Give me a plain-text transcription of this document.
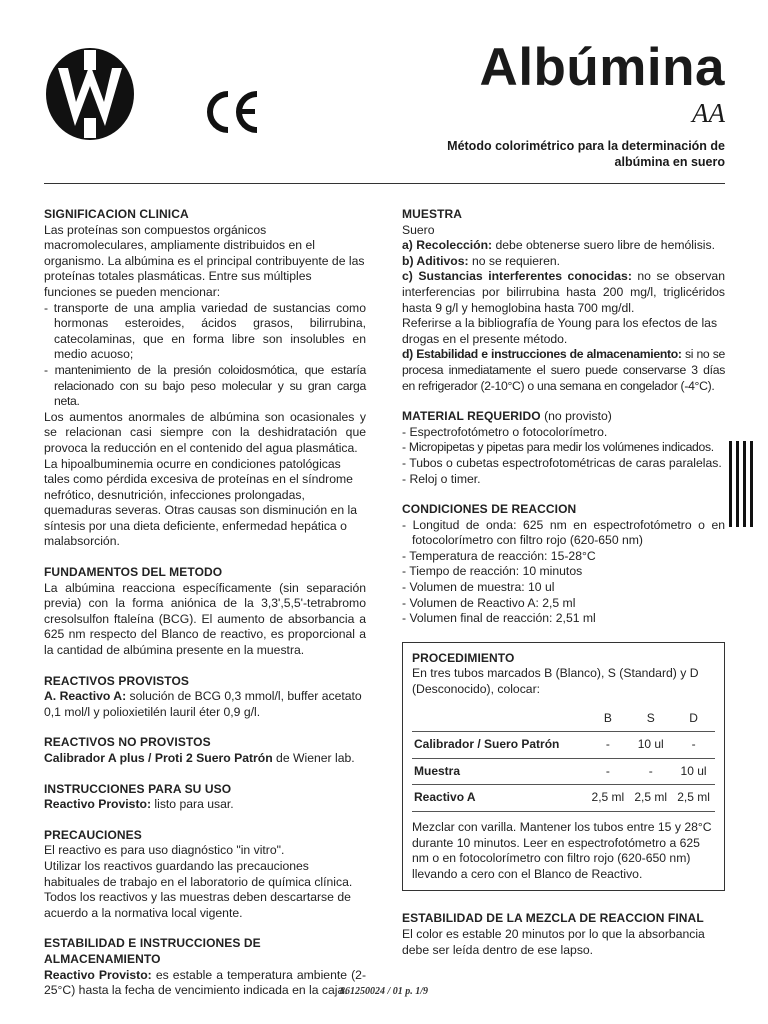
Albúmina
AA
Método colorimétrico para la determinación de
albúmina en suero
SIGNIFICACION CLINICA

Las proteínas son compuestos orgánicos macromoleculares, ampliamente distribuidos en el organismo. La albúmina es el principal contribuyente de las proteínas totales plasmáticas. Entre sus múltiples funciones se pueden mencionar:

- transporte de una amplia variedad de sustancias como hormonas esteroides, ácidos grasos, bilirrubina, catecolaminas, que en forma libre son insolubles en medio acuoso;

- mantenimiento de la presión coloidosmótica, que estaría relacionado con su bajo peso molecular y su gran carga neta.

Los aumentos anormales de albúmina son ocasionales y se relacionan casi siempre con la deshidratación que provoca la reducción en el contenido del agua plasmática.

La hipoalbuminemia ocurre en condiciones patológicas tales como pérdida excesiva de proteínas en el síndrome nefrótico, desnutrición, infecciones prolongadas, quemaduras severas. Otras causas son disminución en la síntesis por una dieta deficiente, enfermedad hepática o malabsorción.

FUNDAMENTOS DEL METODO

La albúmina reacciona específicamente (sin separación previa) con la forma aniónica de la 3,3',5,5'-tetrabromo cresolsulfon ftaleína (BCG). El aumento de absorbancia a 625 nm respecto del Blanco de reactivo, es proporcional a la cantidad de albúmina presente en la muestra.

REACTIVOS PROVISTOS

A. Reactivo A: solución de BCG 0,3 mmol/l, buffer acetato 0,1 mol/l y polioxietilén lauril éter 0,9 g/l.

REACTIVOS NO PROVISTOS

Calibrador A plus / Proti 2 Suero Patrón de Wiener lab.

INSTRUCCIONES PARA SU USO

Reactivo Provisto: listo para usar.

PRECAUCIONES

El reactivo es para uso diagnóstico "in vitro".

Utilizar los reactivos guardando las precauciones habituales de trabajo en el laboratorio de química clínica.

Todos los reactivos y las muestras deben descartarse de acuerdo a la normativa local vigente.

ESTABILIDAD E INSTRUCCIONES DE
ALMACENAMIENTO

Reactivo Provisto: es estable a temperatura ambiente (2-25°C) hasta la fecha de vencimiento indicada en la caja.

MUESTRA

Suero

a) Recolección: debe obtenerse suero libre de hemólisis.

b) Aditivos: no se requieren.

c) Sustancias interferentes conocidas: no se observan interferencias por bilirrubina hasta 200 mg/l, triglicéridos hasta 9 g/l y hemoglobina hasta 700 mg/dl.

Referirse a la bibliografía de Young para los efectos de las drogas en el presente método.

d) Estabilidad e instrucciones de almacenamiento: si no se procesa inmediatamente el suero puede conservarse 3 días en refrigerador (2-10°C) o una semana en congelador (-4°C).

MATERIAL REQUERIDO (no provisto)

- Espectrofotómetro o fotocolorímetro.

- Micropipetas y pipetas para medir los volúmenes indicados.

- Tubos o cubetas espectrofotométricas de caras paralelas.

- Reloj o timer.

CONDICIONES DE REACCION

- Longitud de onda: 625 nm en espectrofotómetro o en fotocolorímetro con filtro rojo (620-650 nm)

- Temperatura de reacción: 15-28°C

- Tiempo de reacción: 10 minutos

- Volumen de muestra: 10 ul

- Volumen de Reactivo A: 2,5 ml

- Volumen final de reacción: 2,51 ml

PROCEDIMIENTO

En tres tubos marcados B (Blanco), S (Standard) y D (Desconocido), colocar:

	B	S	D
Calibrador / Suero Patrón	-	10 ul	-
Muestra	-	-	10 ul
Reactivo A	2,5 ml	2,5 ml	2,5 ml

Mezclar con varilla. Mantener los tubos entre 15 y 28°C durante 10 minutos. Leer en espectrofotómetro a 625 nm o en fotocolorímetro con filtro rojo (620-650 nm) llevando a cero con el Blanco de Reactivo.

ESTABILIDAD DE LA MEZCLA DE REACCION FINAL

El color es estable 20 minutos por lo que la absorbancia debe ser leída dentro de ese lapso.

861250024 / 01 p. 1/9
